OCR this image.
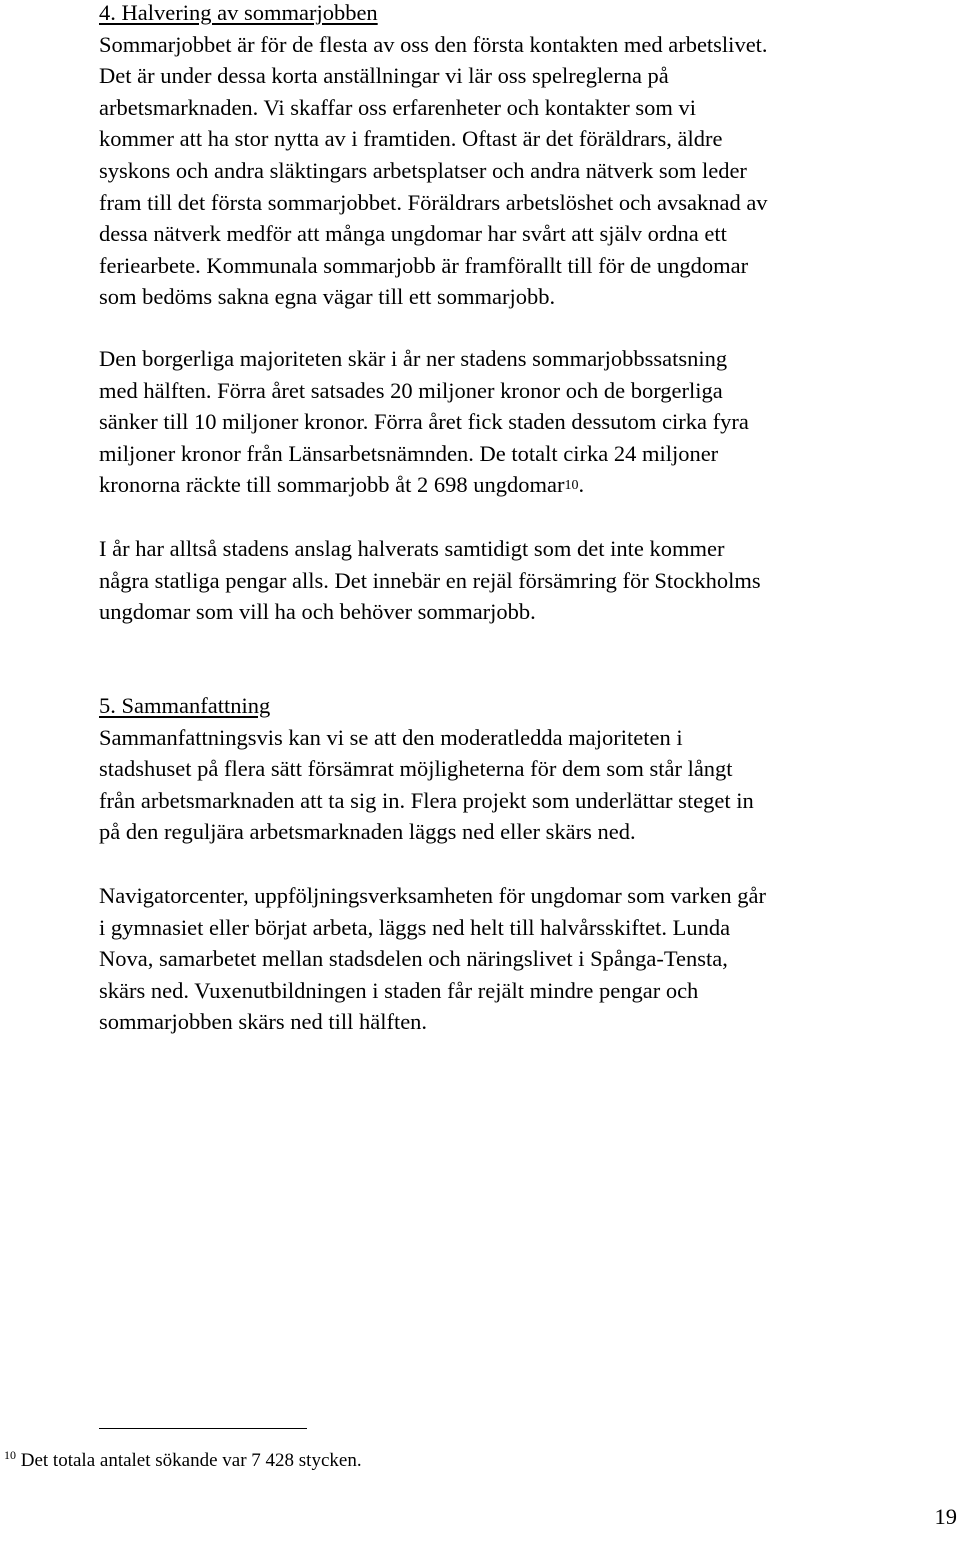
4. Halvering av sommarjobben
Sommarjobbet är för de flesta av oss den första kontakten med arbetslivet.
Det är under dessa korta anställningar vi lär oss spelreglerna på
arbetsmarknaden. Vi skaffar oss erfarenheter och kontakter som vi
kommer att ha stor nytta av i framtiden. Oftast är det föräldrars, äldre
syskons och andra släktingars arbetsplatser och andra nätverk som leder
fram till det första sommarjobbet. Föräldrars arbetslöshet och avsaknad av
dessa nätverk medför att många ungdomar har svårt att själv ordna ett
feriearbete. Kommunala sommarjobb är framförallt till för de ungdomar
som bedöms sakna egna vägar till ett sommarjobb.
Den borgerliga majoriteten skär i år ner stadens sommarjobbssatsning
med hälften. Förra året satsades 20 miljoner kronor och de borgerliga
sänker till 10 miljoner kronor. Förra året fick staden dessutom cirka fyra
miljoner kronor från Länsarbetsnämnden. De totalt cirka 24 miljoner
kronorna räckte till sommarjobb åt 2 698 ungdomar$^{10}$.
I år har alltså stadens anslag halverats samtidigt som det inte kommer
några statliga pengar alls. Det innebär en rejäl försämring för Stockholms
ungdomar som vill ha och behöver sommarjobb.
5. Sammanfattning
Sammanfattningsvis kan vi se att den moderatledda majoriteten i
stadshuset på flera sätt försämrat möjligheterna för dem som står långt
från arbetsmarknaden att ta sig in. Flera projekt som underlättar steget in
på den reguljära arbetsmarknaden läggs ned eller skärs ned.
Navigatorcenter, uppföljningsverksamheten för ungdomar som varken går
i gymnasiet eller börjat arbeta, läggs ned helt till halvårsskiftet. Lunda
Nova, samarbetet mellan stadsdelen och näringslivet i Spånga-Tensta,
skärs ned. Vuxenutbildningen i staden får rejält mindre pengar och
sommarjobben skärs ned till hälften.
$^{10}$ Det totala antalet sökande var 7 428 stycken.
19
